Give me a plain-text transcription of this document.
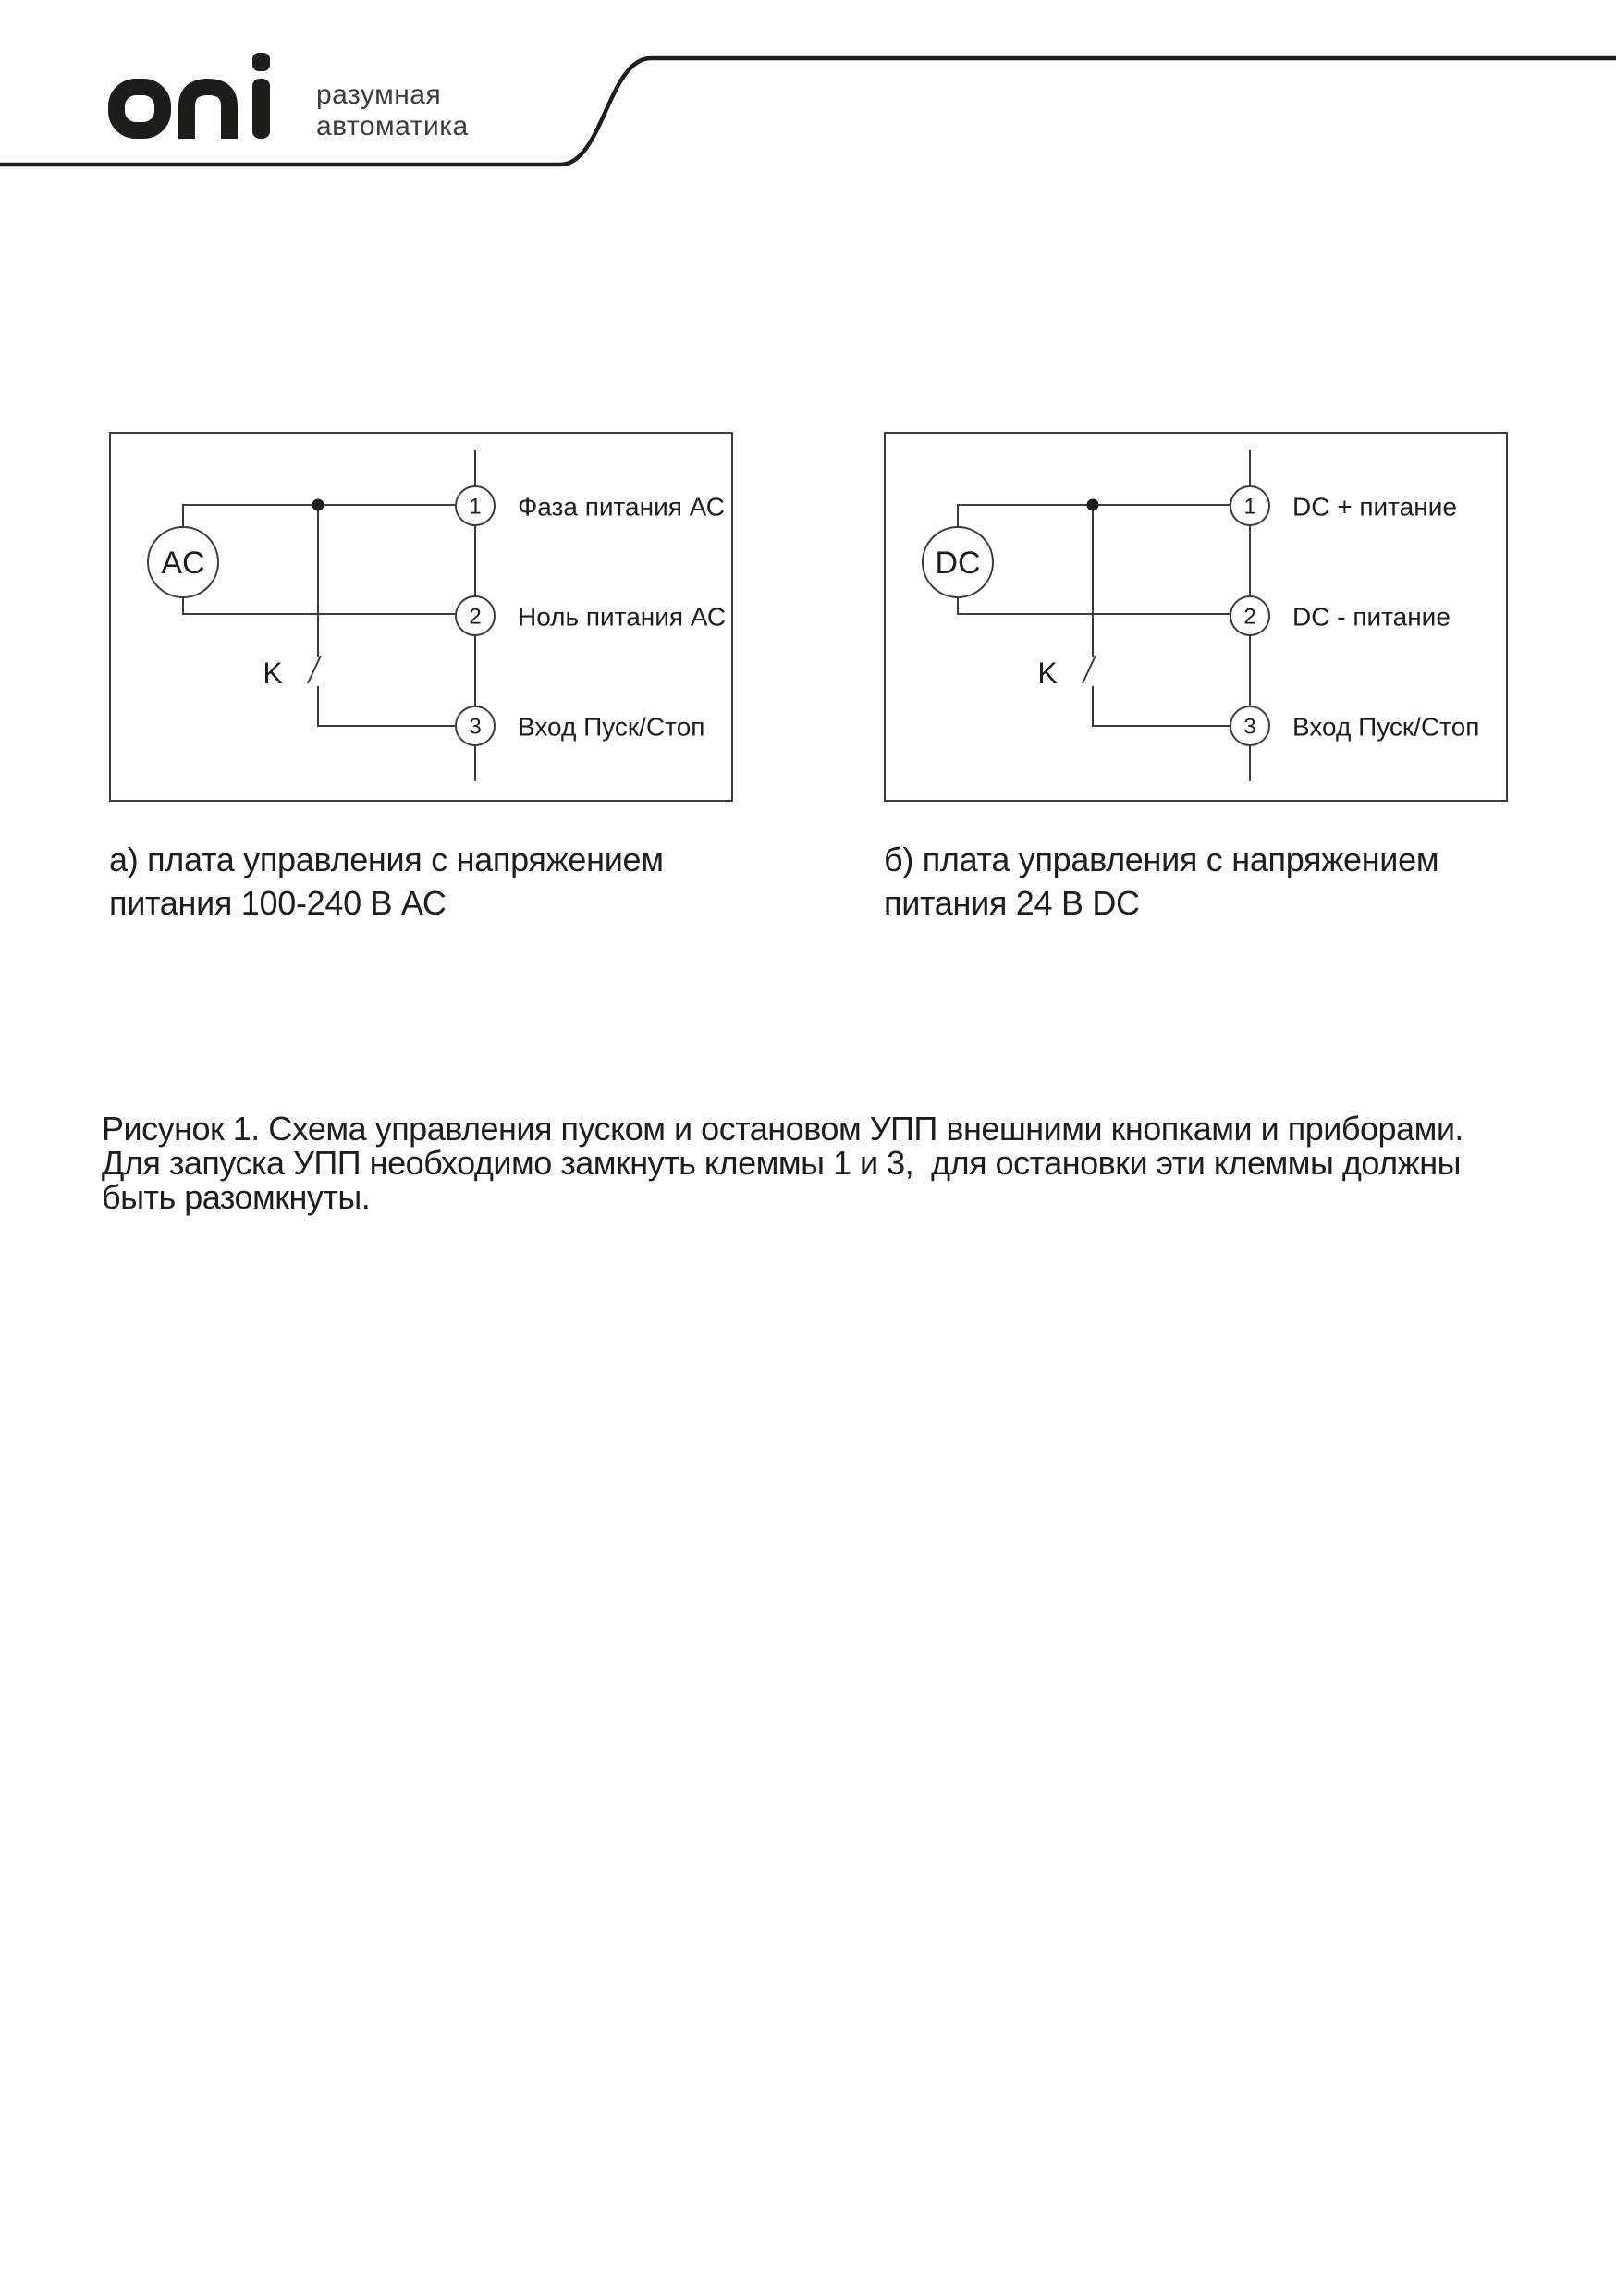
разумная
автоматика
AC
K
1
2
3
Фаза питания АС
Ноль питания АС
Вход Пуск/Стоп
DC
K
1
2
3
DC + питание
DC - питание
Вход Пуск/Стоп
а) плата управления с напряжением
питания 100-240 В АС
б) плата управления с напряжением
питания 24 В DC
Рисунок 1. Схема управления пуском и остановом УПП внешними кнопками и приборами.
Для запуска УПП необходимо замкнуть клеммы 1 и 3,  для остановки эти клеммы должны
быть разомкнуты.
